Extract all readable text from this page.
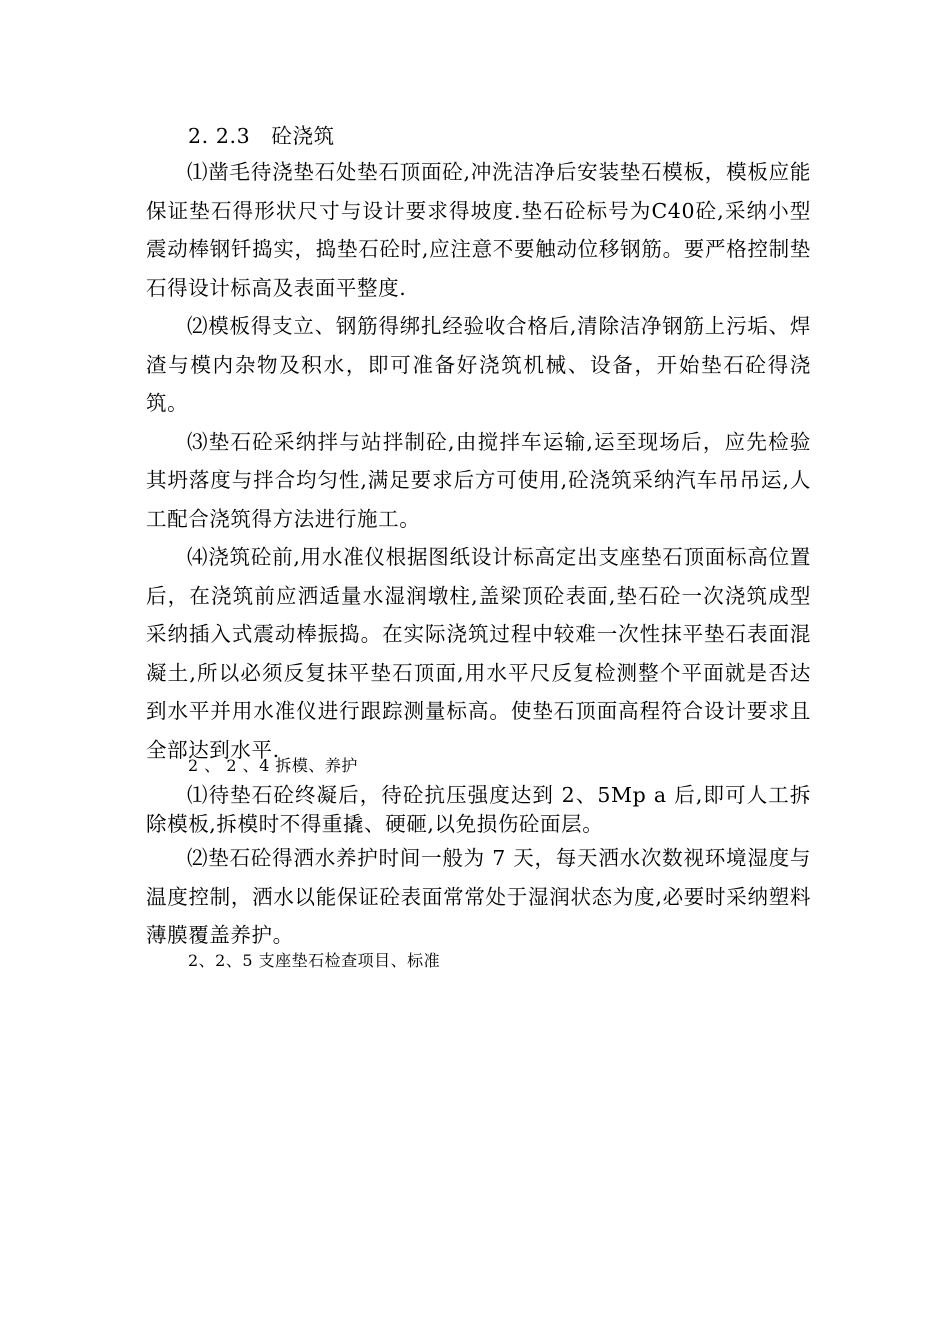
2. 2.3　砼浇筑

⑴凿毛待浇垫石处垫石顶面砼,冲洗洁净后安装垫石模板，模板应能保证垫石得形状尺寸与设计要求得坡度.垫石砼标号为C40砼,采纳小型震动棒钢钎捣实，捣垫石砼时,应注意不要触动位移钢筋。要严格控制垫石得设计标高及表面平整度.

⑵模板得支立、钢筋得绑扎经验收合格后,清除洁净钢筋上污垢、焊渣与模内杂物及积水，即可准备好浇筑机械、设备，开始垫石砼得浇筑。

⑶垫石砼采纳拌与站拌制砼,由搅拌车运输,运至现场后，应先检验其坍落度与拌合均匀性,满足要求后方可使用,砼浇筑采纳汽车吊吊运,人工配合浇筑得方法进行施工。

⑷浇筑砼前,用水准仪根据图纸设计标高定出支座垫石顶面标高位置后，在浇筑前应洒适量水湿润墩柱,盖梁顶砼表面,垫石砼一次浇筑成型采纳插入式震动棒振捣。在实际浇筑过程中较难一次性抹平垫石表面混凝土,所以必须反复抹平垫石顶面,用水平尺反复检测整个平面就是否达到水平并用水准仪进行跟踪测量标高。使垫石顶面高程符合设计要求且全部达到水平.

2 、 2 、4 拆模、养护

⑴待垫石砼终凝后，待砼抗压强度达到 2、5Mp a 后,即可人工拆除模板,拆模时不得重撬、硬砸,以免损伤砼面层。

⑵垫石砼得洒水养护时间一般为 7 天，每天洒水次数视环境湿度与温度控制，洒水以能保证砼表面常常处于湿润状态为度,必要时采纳塑料薄膜覆盖养护。

2、2、5 支座垫石检查项目、标准
